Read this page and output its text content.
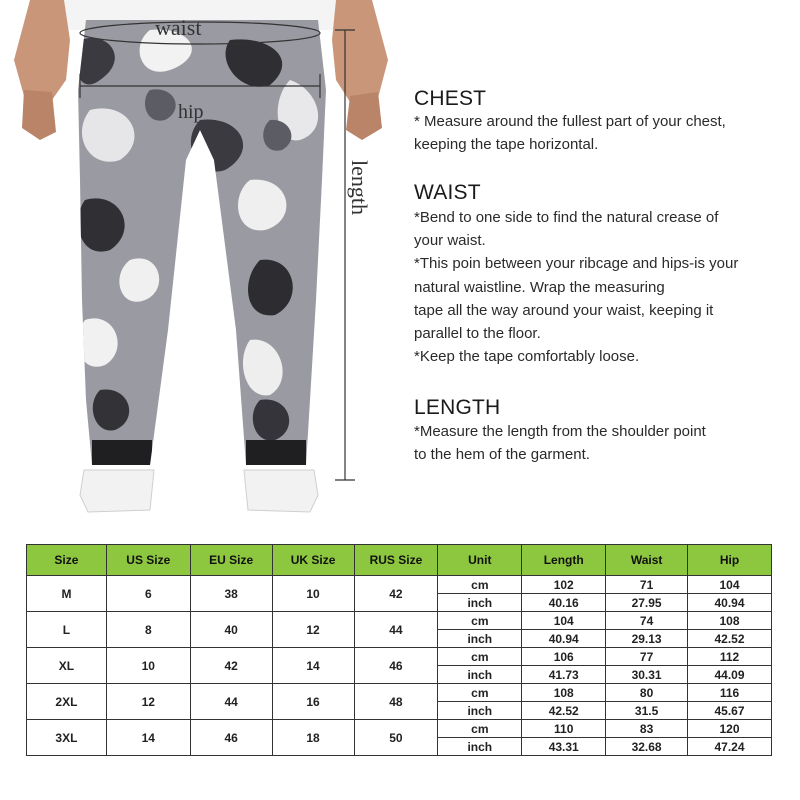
waist
hip
length
CHEST
* Measure around the fullest part of your chest,
keeping the tape horizontal.
WAIST
*Bend to one side to find the natural crease of
your waist.
*This poin between your ribcage and hips-is your
natural waistline. Wrap the measuring
tape all the way around your waist, keeping it
parallel to the floor.
*Keep the tape comfortably loose.
LENGTH
*Measure the length from the shoulder point
to the hem of the garment.
Size	US Size	EU Size	UK Size	RUS Size	Unit	Length	Waist	Hip
M	6	38	10	42	cm	102	71	104
					inch	40.16	27.95	40.94
L	8	40	12	44	cm	104	74	108
					inch	40.94	29.13	42.52
XL	10	42	14	46	cm	106	77	112
					inch	41.73	30.31	44.09
2XL	12	44	16	48	cm	108	80	116
					inch	42.52	31.5	45.67
3XL	14	46	18	50	cm	110	83	120
					inch	43.31	32.68	47.24
